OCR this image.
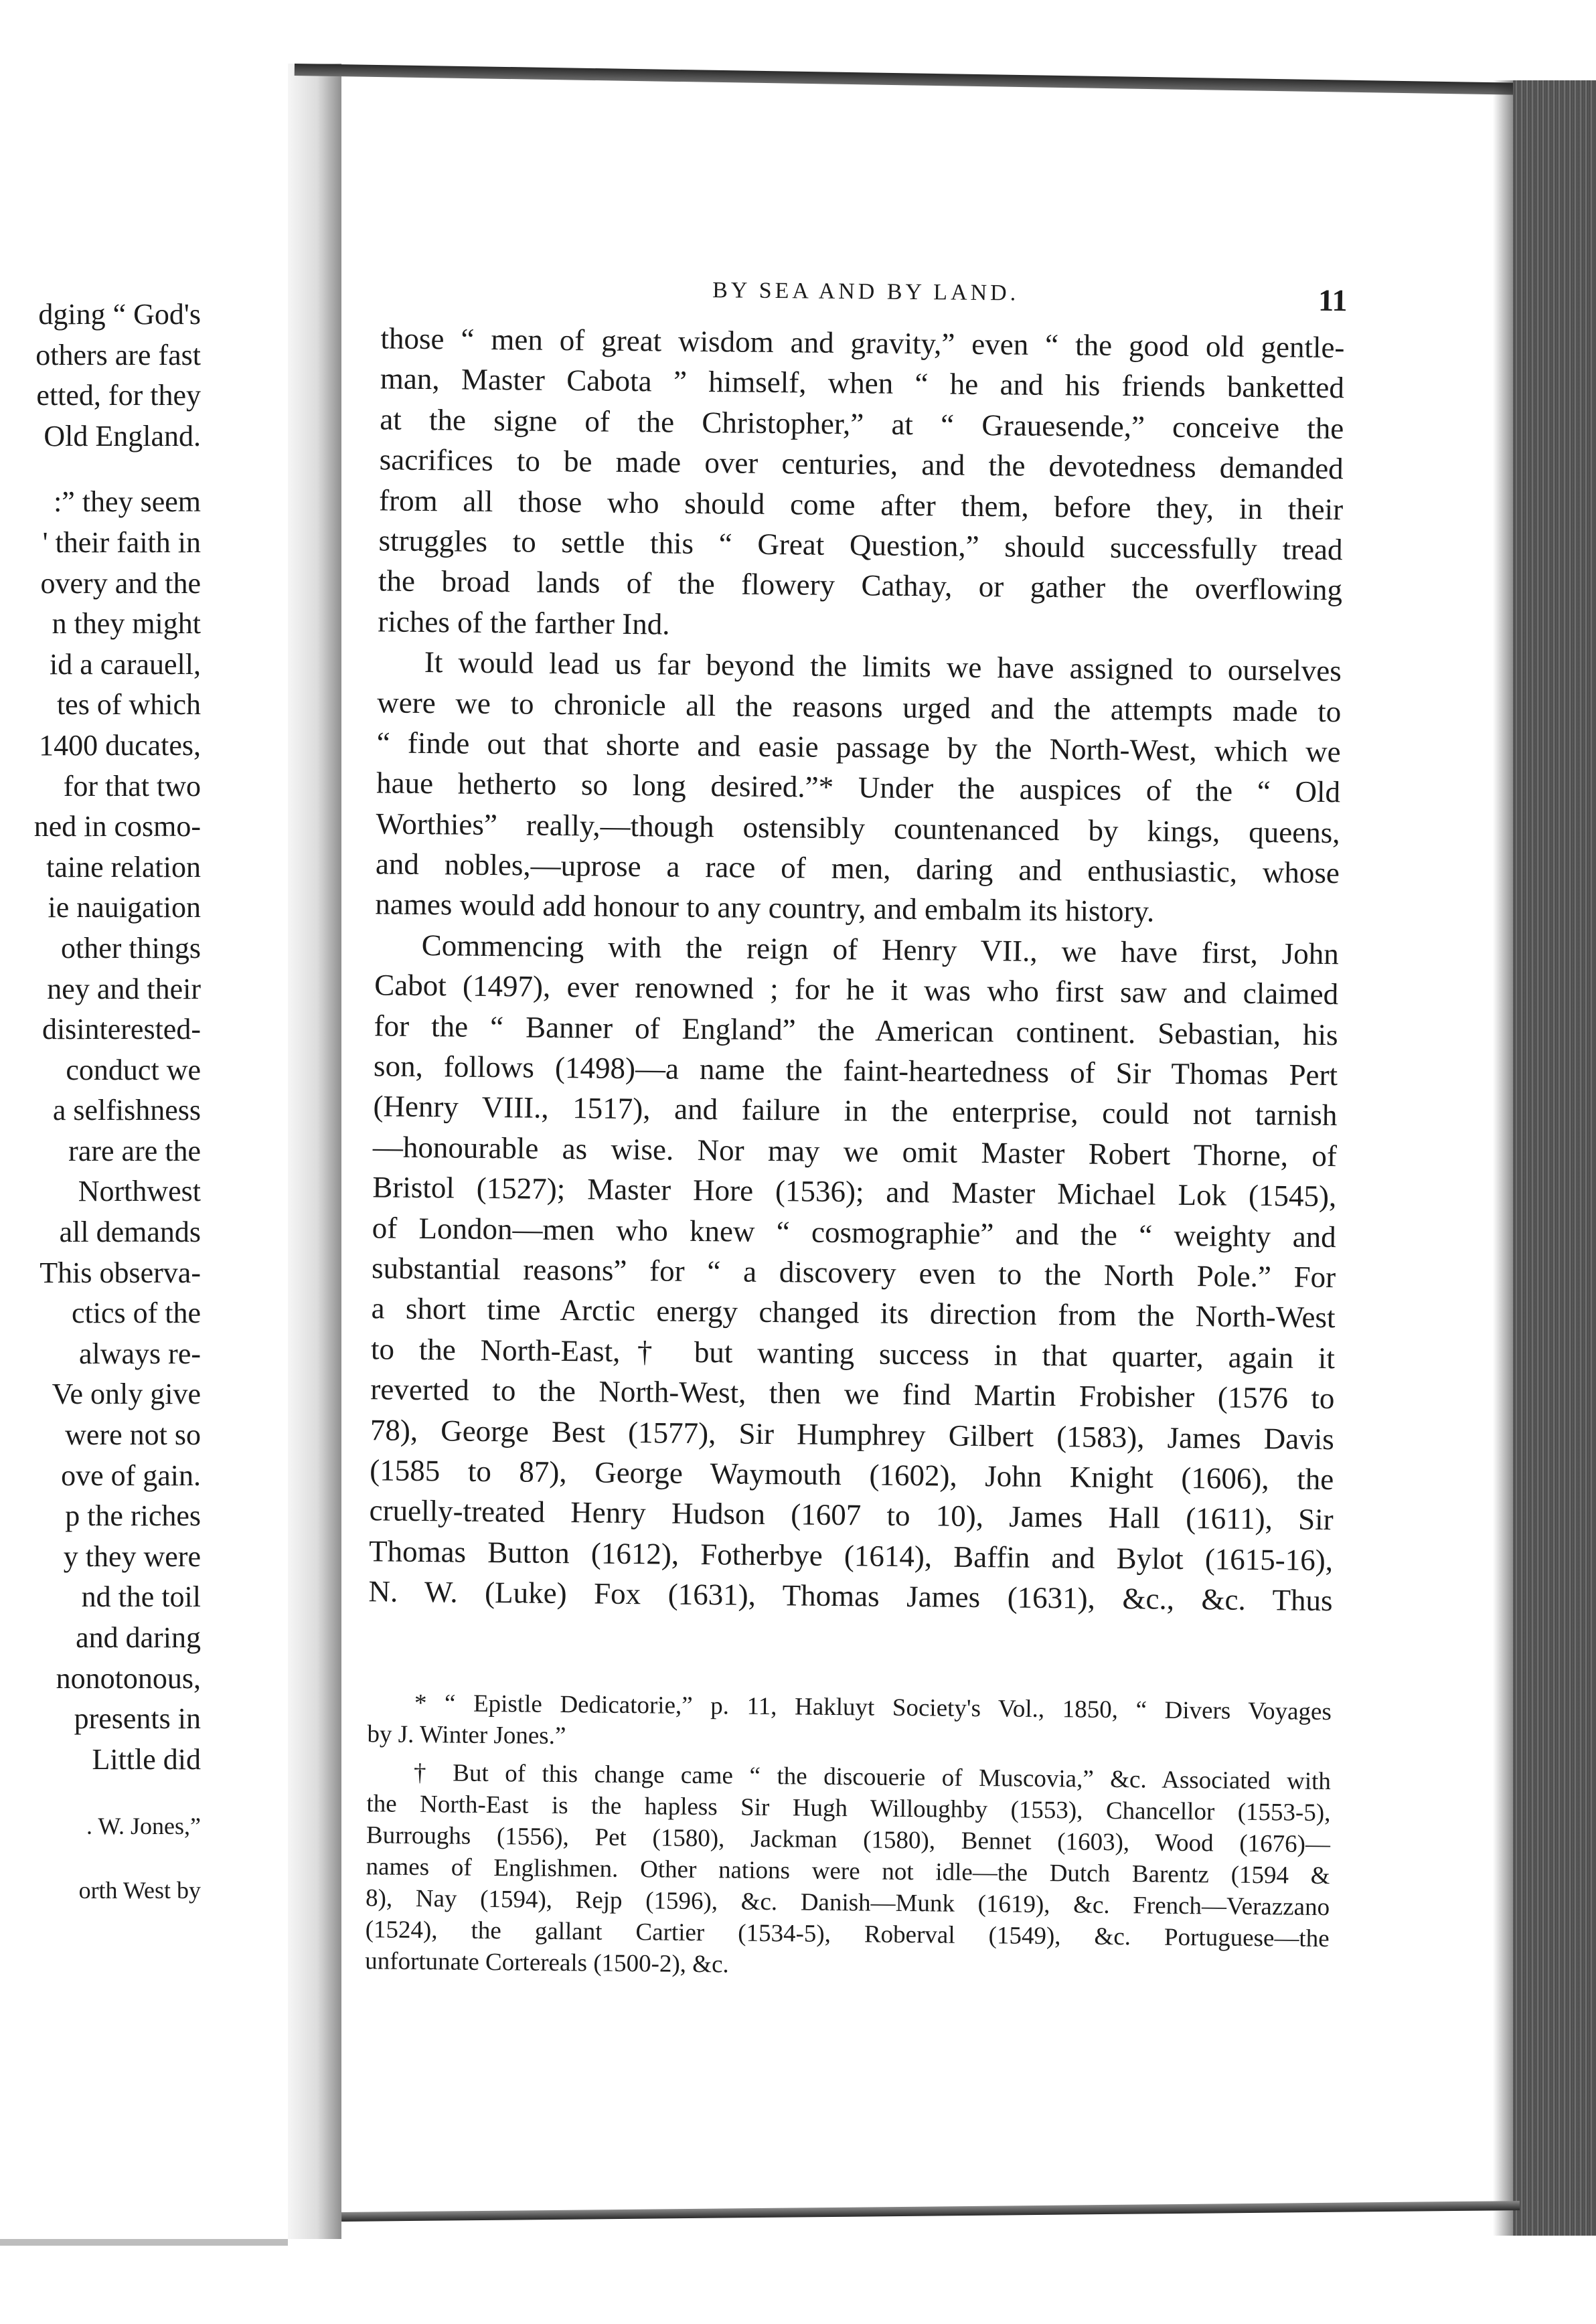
dging “ God's
others are fast
etted, for they
Old England.
:” they seem
' their faith in
overy and the
n they might
id a carauell,
tes of which
1400 ducates,
for that two
ned in cosmo-
taine relation
ie nauigation
other things
ney and their
disinterested-
conduct we
a selfishness
rare are the
Northwest
all demands
This observa-
ctics of the
always re-
Ve only give
were not so
ove of gain.
p the riches
y they were
nd the toil
and daring
nonotonous,
presents in
Little did
. W. Jones,”
orth West by
BY SEA AND BY LAND.	11
those “ men of great wisdom and gravity,” even “ the good old gentle-
man, Master Cabota ” himself, when “ he and his friends banketted
at the signe of the Christopher,” at “ Grauesende,” conceive the
sacrifices to be made over centuries, and the devotedness demanded
from all those who should come after them, before they, in their
struggles to settle this “ Great Question,” should successfully tread
the broad lands of the flowery Cathay, or gather the overflowing
riches of the farther Ind.
It would lead us far beyond the limits we have assigned to ourselves
were we to chronicle all the reasons urged and the attempts made to
“ finde out that shorte and easie passage by the North-West, which we
haue hetherto so long desired.”* Under the auspices of the “ Old
Worthies” really,—though ostensibly countenanced by kings, queens,
and nobles,—uprose a race of men, daring and enthusiastic, whose
names would add honour to any country, and embalm its history.
Commencing with the reign of Henry VII., we have first, John
Cabot (1497), ever renowned ; for he it was who first saw and claimed
for the “ Banner of England” the American continent. Sebastian, his
son, follows (1498)—a name the faint-heartedness of Sir Thomas Pert
(Henry VIII., 1517), and failure in the enterprise, could not tarnish
—honourable as wise. Nor may we omit Master Robert Thorne, of
Bristol (1527); Master Hore (1536); and Master Michael Lok (1545),
of London—men who knew “ cosmographie” and the “ weighty and
substantial reasons” for “ a discovery even to the North Pole.” For
a short time Arctic energy changed its direction from the North-West
to the North-East,† but wanting success in that quarter, again it
reverted to the North-West, then we find Martin Frobisher (1576 to
78), George Best (1577), Sir Humphrey Gilbert (1583), James Davis
(1585 to 87), George Waymouth (1602), John Knight (1606), the
cruelly-treated Henry Hudson (1607 to 10), James Hall (1611), Sir
Thomas Button (1612), Fotherbye (1614), Baffin and Bylot (1615-16),
N. W. (Luke) Fox (1631), Thomas James (1631), &c., &c. Thus
* “ Epistle Dedicatorie,” p. 11, Hakluyt Society's Vol., 1850, “ Divers Voyages
by J. Winter Jones.”
† But of this change came “ the discouerie of Muscovia,” &c. Associated with
the North-East is the hapless Sir Hugh Willoughby (1553), Chancellor (1553-5),
Burroughs (1556), Pet (1580), Jackman (1580), Bennet (1603), Wood (1676)—
names of Englishmen. Other nations were not idle—the Dutch Barentz (1594 &
8), Nay (1594), Rejp (1596), &c. Danish—Munk (1619), &c. French—Verazzano
(1524), the gallant Cartier (1534-5), Roberval (1549), &c. Portuguese—the
unfortunate Cortereals (1500-2), &c.
